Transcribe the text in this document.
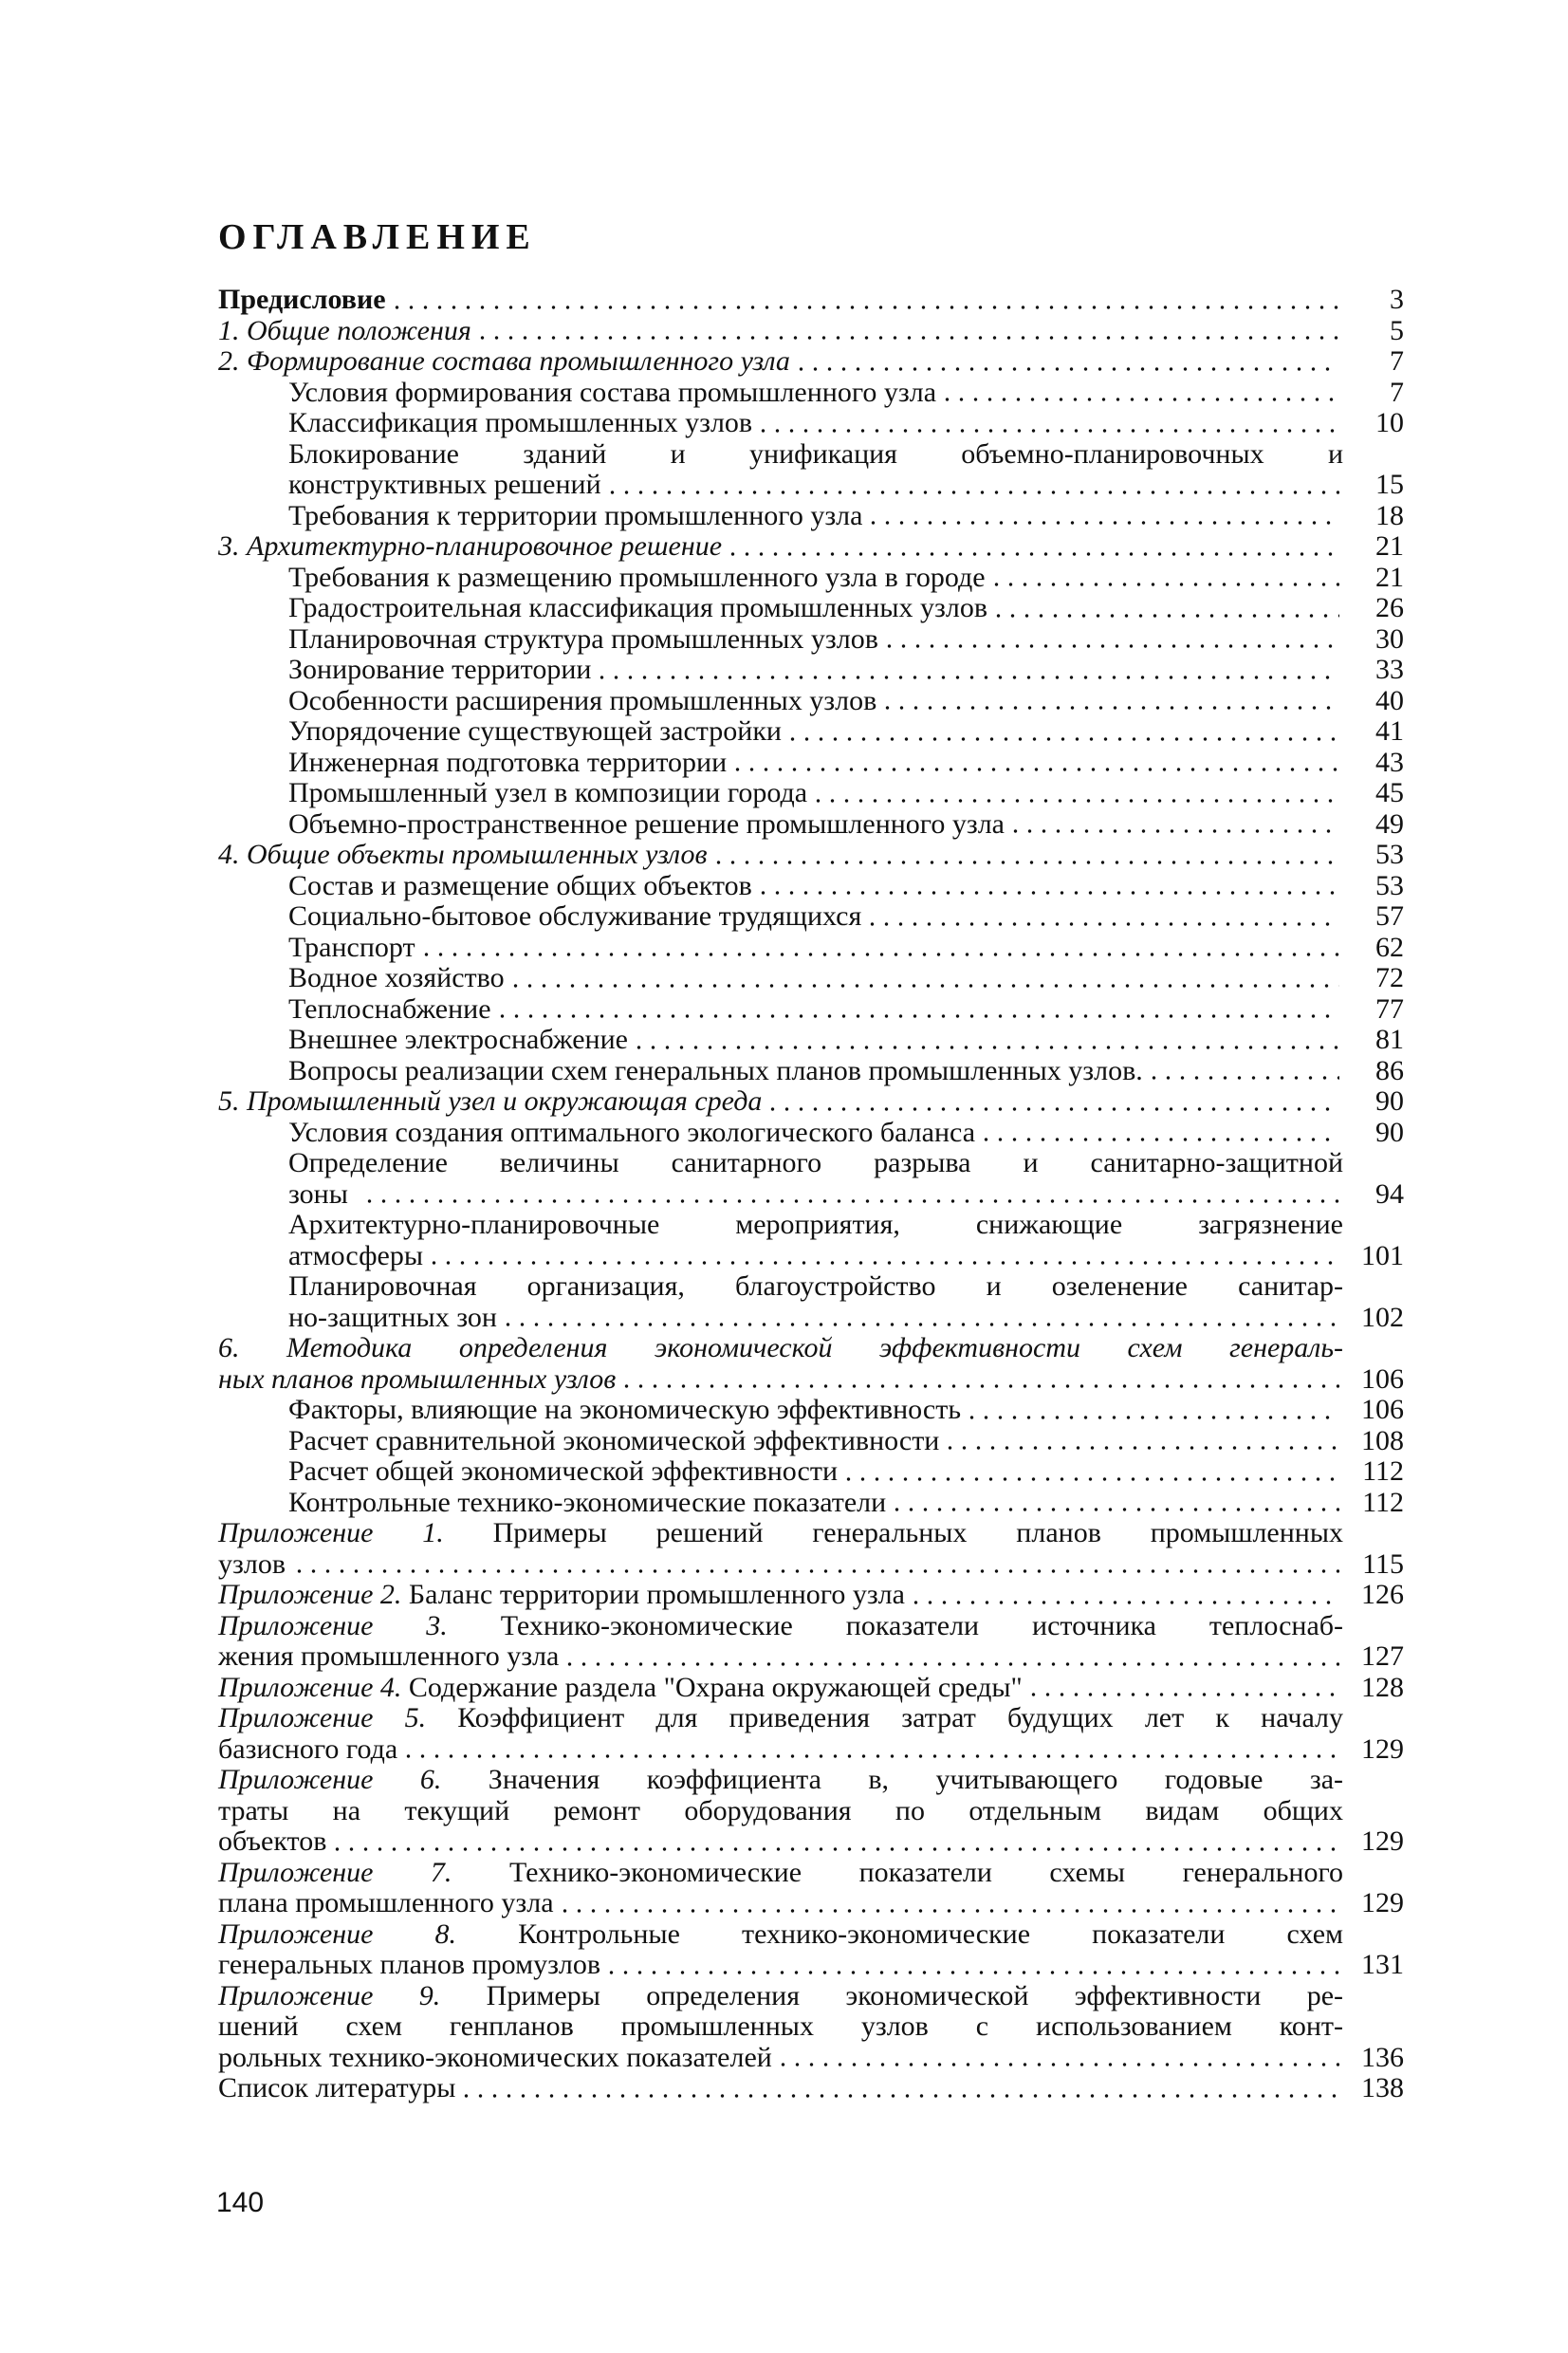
ОГЛАВЛЕНИЕ
Предисловие	3
1. Общие положения	5
2. Формирование состава промышленного узла	7
Условия формирования состава промышленного узла	7
Классификация промышленных узлов	10
Блокирование зданий и унификация объемно-планировочных и
конструктивных решений	15
Требования к территории промышленного узла	18
3. Архитектурно-планировочное решение	21
Требования к размещению промышленного узла в городе	21
Градостроительная классификация промышленных узлов	26
Планировочная структура промышленных узлов	30
Зонирование территории	33
Особенности расширения промышленных узлов	40
Упорядочение существующей застройки	41
Инженерная подготовка территории	43
Промышленный узел в композиции города	45
Объемно-пространственное решение промышленного узла	49
4. Общие объекты промышленных узлов	53
Состав и размещение общих объектов	53
Социально-бытовое обслуживание трудящихся	57
Транспорт	62
Водное хозяйство	72
Теплоснабжение	77
Внешнее электроснабжение	81
Вопросы реализации схем генеральных планов промышленных узлов.	86
5. Промышленный узел и окружающая среда	90
Условия создания оптимального экологического баланса	90
Определение величины санитарного разрыва и санитарно-защитной
зоны	94
Архитектурно-планировочные мероприятия, снижающие загрязнение
атмосферы	101
Планировочная организация, благоустройство и озеленение санитар-
но-защитных зон	102
6. Методика определения экономической эффективности схем генераль-
ных планов промышленных узлов	106
Факторы, влияющие на экономическую эффективность	106
Расчет сравнительной экономической эффективности	108
Расчет общей экономической эффективности	112
Контрольные технико-экономические показатели	112
Приложение 1. Примеры решений генеральных планов промышленных
узлов	115
Приложение 2. Баланс территории промышленного узла	126
Приложение 3. Технико-экономические показатели источника теплоснаб-
жения промышленного узла	127
Приложение 4. Содержание раздела "Охрана окружающей среды"	128
Приложение 5. Коэффициент для приведения затрат будущих лет к началу
базисного года	129
Приложение 6. Значения коэффициента в, учитывающего годовые за-
траты на текущий ремонт оборудования по отдельным видам общих
объектов	129
Приложение 7. Технико-экономические показатели схемы генерального
плана промышленного узла	129
Приложение 8. Контрольные технико-экономические показатели схем
генеральных планов промузлов	131
Приложение 9. Примеры определения экономической эффективности ре-
шений схем генпланов промышленных узлов с использованием конт-
рольных технико-экономических показателей	136
Список литературы	138
140
